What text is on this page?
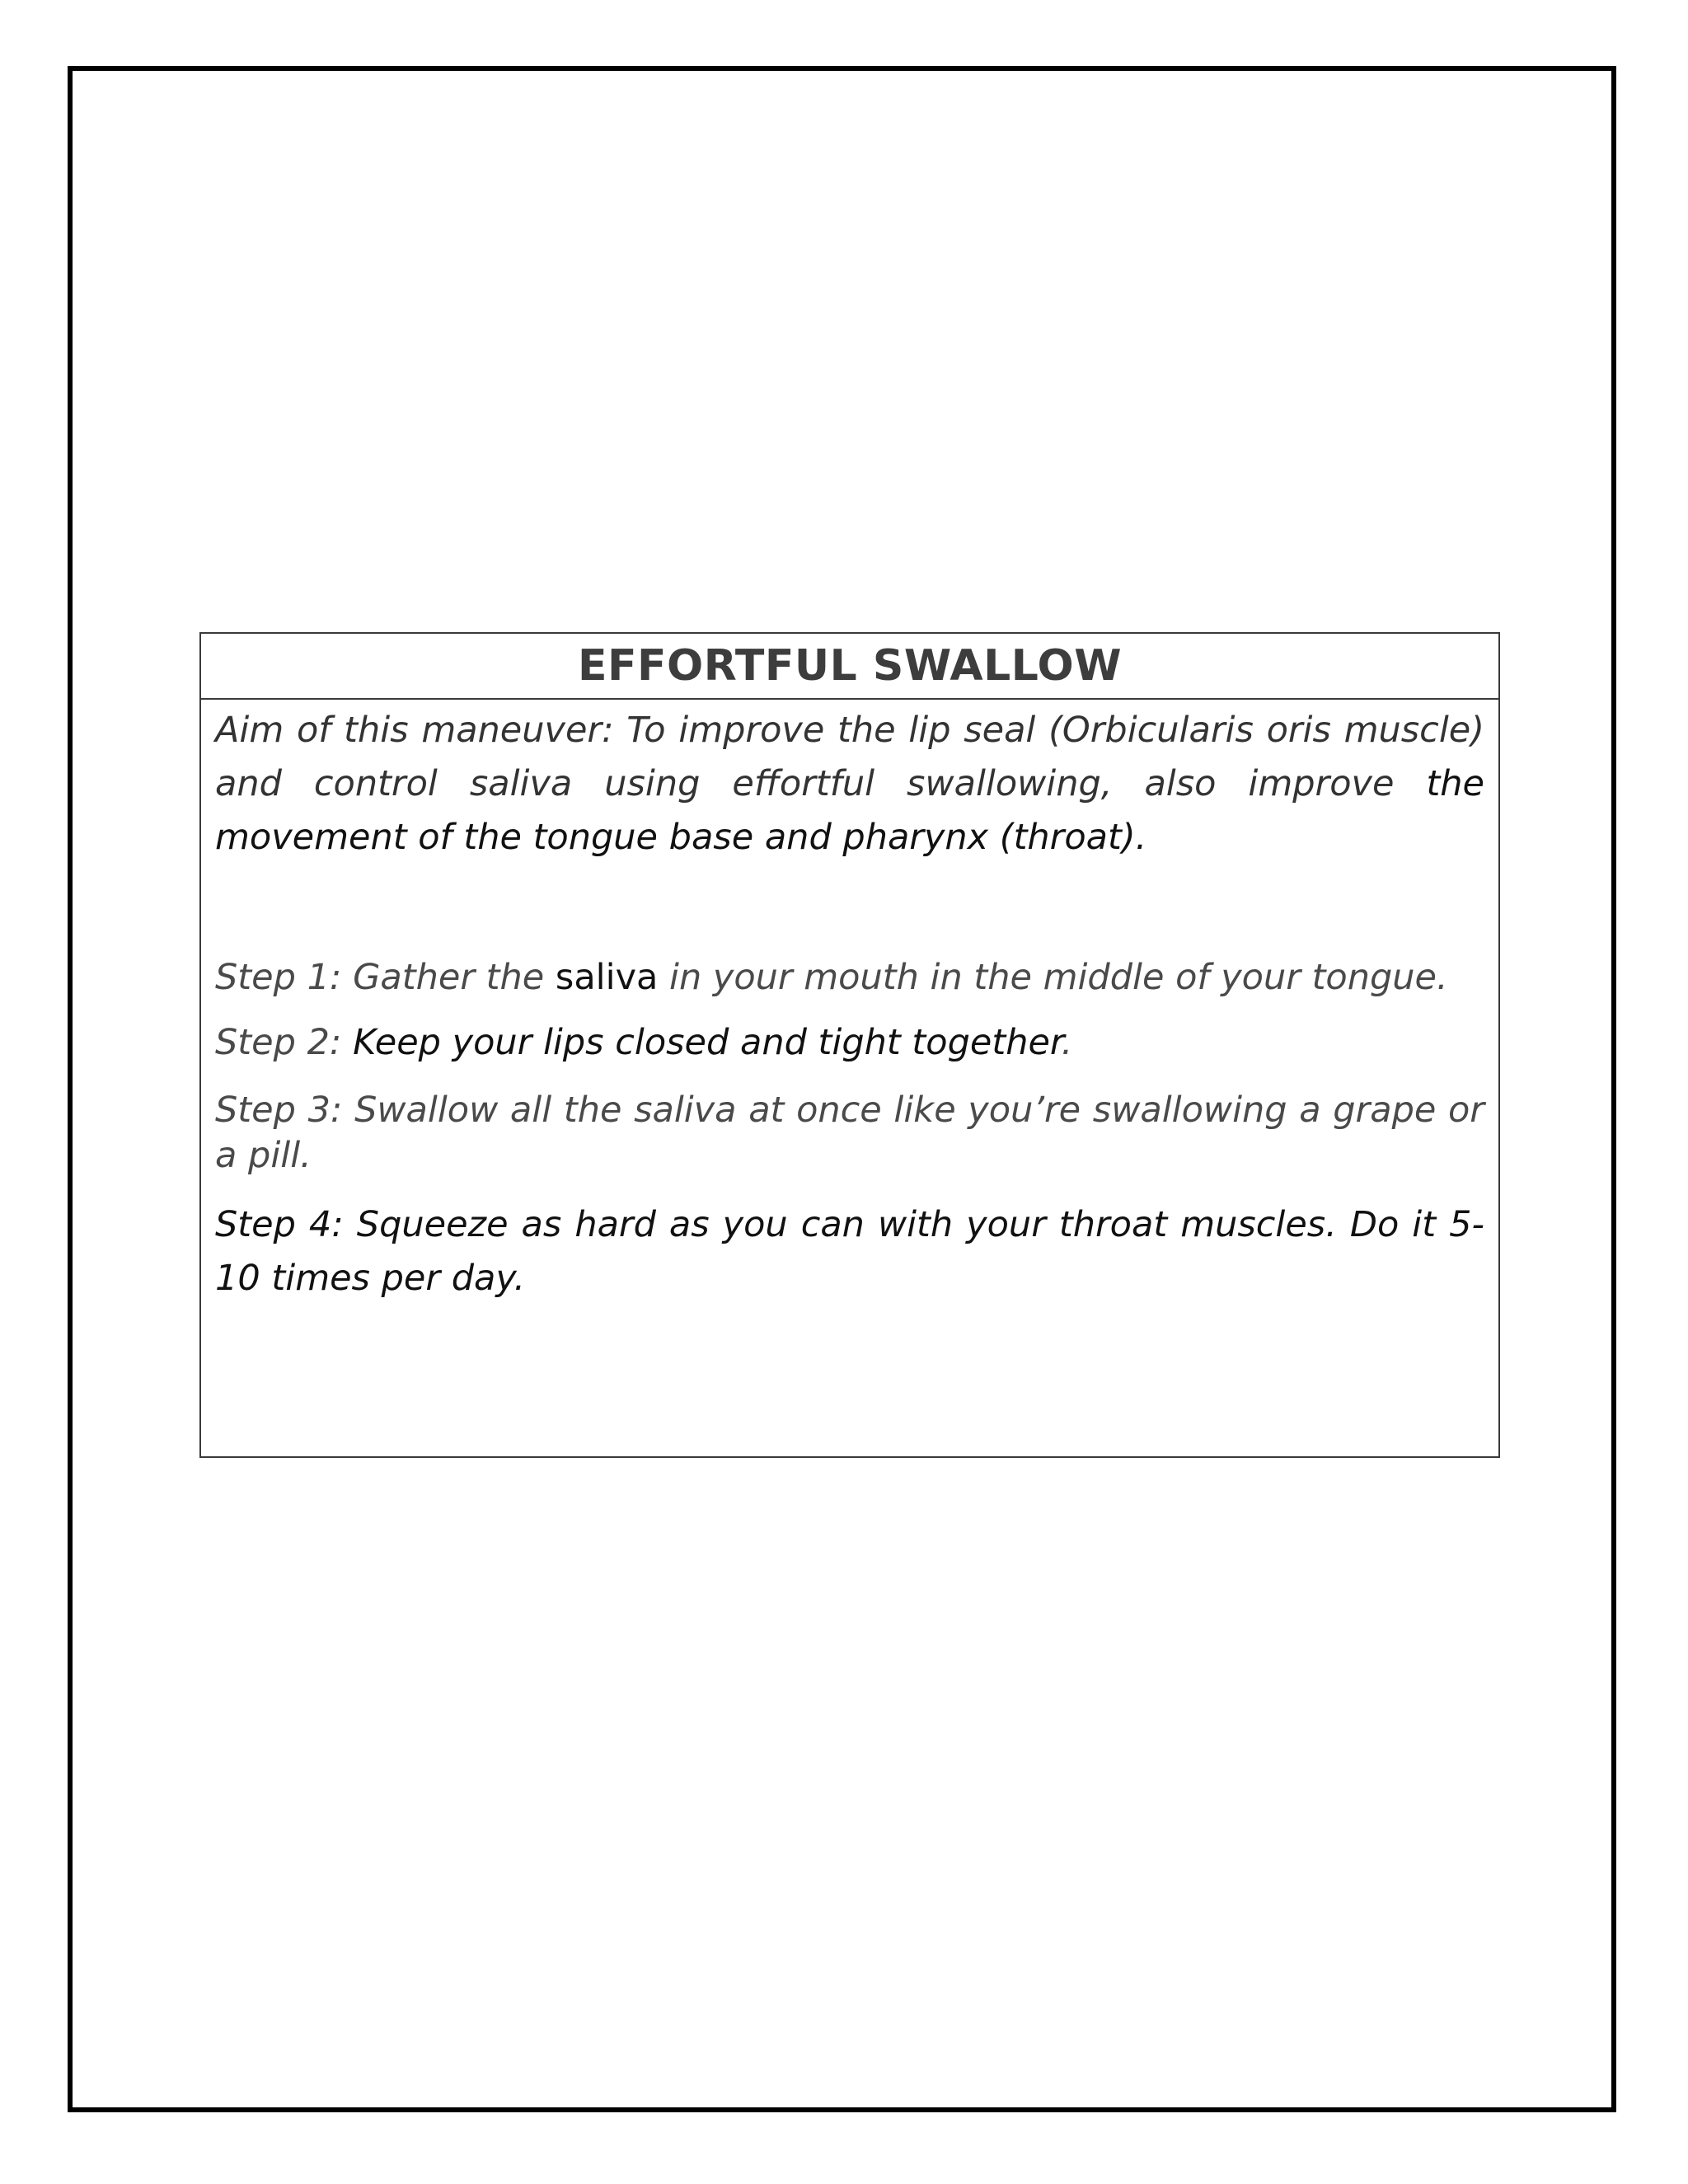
EFFORTFUL SWALLOW

Aim of this maneuver: To improve the lip seal (Orbicularis oris muscle) and control saliva using effortful swallowing, also improve the movement of the tongue base and pharynx (throat).

Step 1: Gather the saliva in your mouth in the middle of your tongue.

Step 2: Keep your lips closed and tight together.

Step 3: Swallow all the saliva at once like you’re swallowing a grape or a pill.

Step 4: Squeeze as hard as you can with your throat muscles. Do it 5-10 times per day.
